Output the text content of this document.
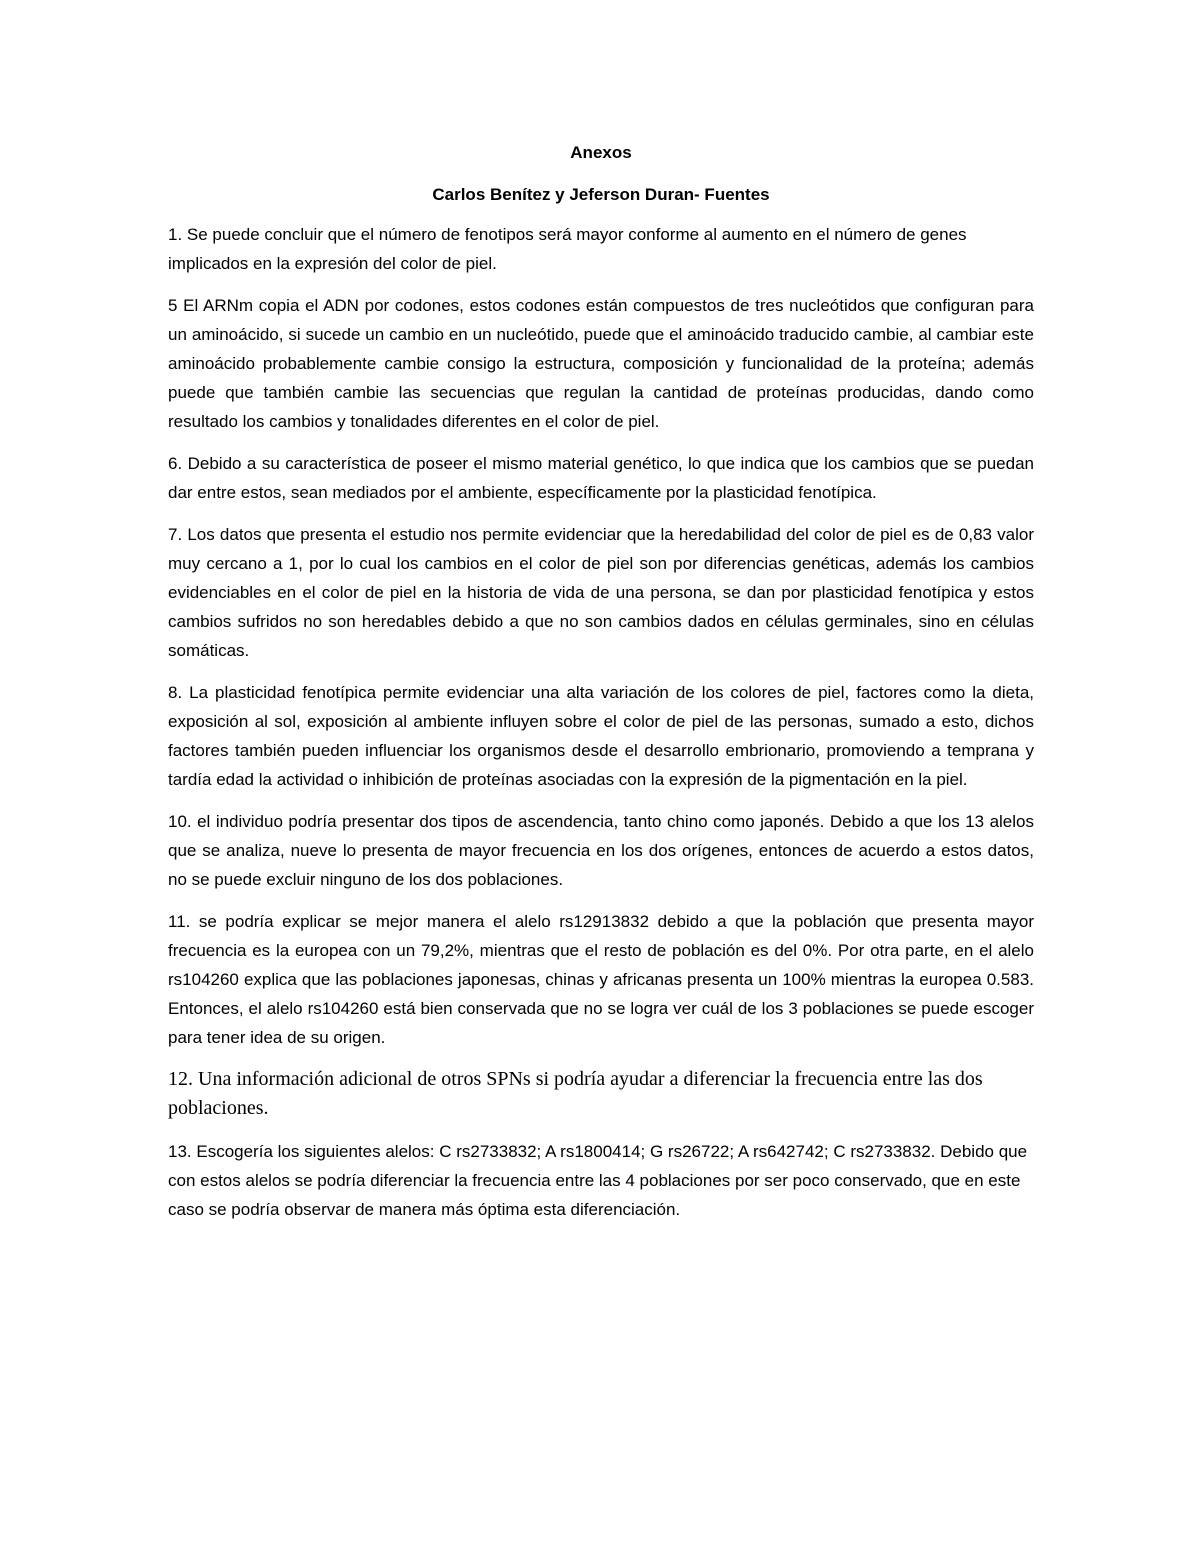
Anexos
Carlos Benítez y Jeferson Duran- Fuentes

1. Se puede concluir que el número de fenotipos será mayor conforme al aumento en el número de genes implicados en la expresión del color de piel.

5 El ARNm copia el ADN por codones, estos codones están compuestos de tres nucleótidos que configuran para un aminoácido, si sucede un cambio en un nucleótido, puede que el aminoácido traducido cambie, al cambiar este aminoácido probablemente cambie consigo la estructura, composición y funcionalidad de la proteína; además puede que también cambie las secuencias que regulan la cantidad de proteínas producidas, dando como resultado los cambios y tonalidades diferentes en el color de piel.

6. Debido a su característica de poseer el mismo material genético, lo que indica que los cambios que se puedan dar entre estos, sean mediados por el ambiente, específicamente por la plasticidad fenotípica.

7. Los datos que presenta el estudio nos permite evidenciar que la heredabilidad del color de piel es de 0,83 valor muy cercano a 1, por lo cual los cambios en el color de piel son por diferencias genéticas, además los cambios evidenciables en el color de piel en la historia de vida de una persona, se dan por plasticidad fenotípica y estos cambios sufridos no son heredables debido a que no son cambios dados en células germinales, sino en células somáticas.

8. La plasticidad fenotípica permite evidenciar una alta variación de los colores de piel, factores como la dieta, exposición al sol, exposición al ambiente influyen sobre el color de piel de las personas, sumado a esto, dichos factores también pueden influenciar los organismos desde el desarrollo embrionario, promoviendo a temprana y tardía edad la actividad o inhibición de proteínas asociadas con la expresión de la pigmentación en la piel.

10. el individuo podría presentar dos tipos de ascendencia, tanto chino como japonés. Debido a que los 13 alelos que se analiza, nueve lo presenta de mayor frecuencia en los dos orígenes, entonces de acuerdo a estos datos, no se puede excluir ninguno de los dos poblaciones.

11. se podría explicar se mejor manera el alelo rs12913832 debido a que la población que presenta mayor frecuencia es la europea con un 79,2%, mientras que el resto de población es del 0%. Por otra parte, en el alelo rs104260 explica que las poblaciones japonesas, chinas y africanas presenta un 100% mientras la europea 0.583. Entonces, el alelo rs104260 está bien conservada que no se logra ver cuál de los 3 poblaciones se puede escoger para tener idea de su origen.

12. Una información adicional de otros SPNs si podría ayudar a diferenciar la frecuencia entre las dos poblaciones.

13. Escogería los siguientes alelos: C rs2733832; A rs1800414; G rs26722; A rs642742; C rs2733832. Debido que con estos alelos se podría diferenciar la frecuencia entre las 4 poblaciones por ser poco conservado, que en este caso se podría observar de manera más óptima esta diferenciación.
